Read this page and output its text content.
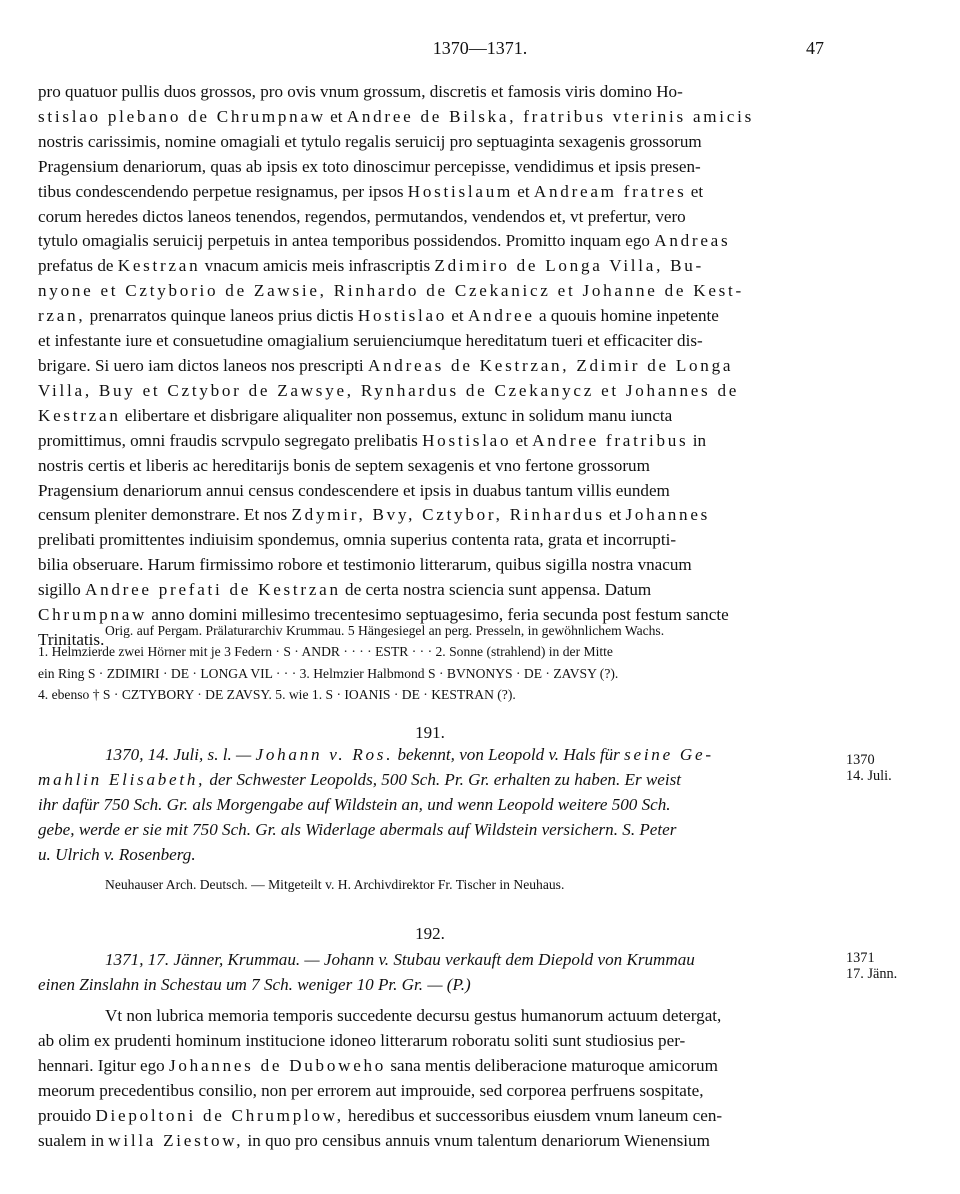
1370—1371.	47

pro quatuor pullis duos grossos, pro ovis vnum grossum, discretis et famosis viris domino Ho-

stislao plebano de Chrumpnaw et Andree de Bilska, fratribus vterinis amicis

nostris carissimis, nomine omagiali et tytulo regalis seruicij pro septuaginta sexagenis grossorum

Pragensium denariorum, quas ab ipsis ex toto dinoscimur percepisse, vendidimus et ipsis presen-

tibus condescendendo perpetue resignamus, per ipsos Hostislaum et Andream fratres et

corum heredes dictos laneos tenendos, regendos, permutandos, vendendos et, vt prefertur, vero

tytulo omagialis seruicij perpetuis in antea temporibus possidendos. Promitto inquam ego Andreas

prefatus de Kestrzan vnacum amicis meis infrascriptis Zdimiro de Longa Villa, Bu-

nyone et Cztyborio de Zawsie, Rinhardo de Czekanicz et Johanne de Kest-

rzan, prenarratos quinque laneos prius dictis Hostislao et Andree a quouis homine inpetente

et infestante iure et consuetudine omagialium seruienciumque hereditatum tueri et efficaciter dis-

brigare. Si uero iam dictos laneos nos prescripti Andreas de Kestrzan, Zdimir de Longa

Villa, Buy et Cztybor de Zawsye, Rynhardus de Czekanycz et Johannes de

Kestrzan elibertare et disbrigare aliqualiter non possemus, extunc in solidum manu iuncta

promittimus, omni fraudis scrvpulo segregato prelibatis Hostislao et Andree fratribus in

nostris certis et liberis ac hereditarijs bonis de septem sexagenis et vno fertone grossorum

Pragensium denariorum annui census condescendere et ipsis in duabus tantum villis eundem

censum pleniter demonstrare. Et nos Zdymir, Bvy, Cztybor, Rinhardus et Johannes

prelibati promittentes indiuisim spondemus, omnia superius contenta rata, grata et incorrupti-

bilia obseruare. Harum firmissimo robore et testimonio litterarum, quibus sigilla nostra vnacum

sigillo Andree prefati de Kestrzan de certa nostra sciencia sunt appensa. Datum

Chrumpnaw anno domini millesimo trecentesimo septuagesimo, feria secunda post festum sancte

Trinitatis. Orig. auf Pergam. Prälaturarchiv Krummau. 5 Hängesiegel an perg. Presseln, in gewöhnlichem Wachs.

1. Helmzierde zwei Hörner mit je 3 Federn · S · ANDR · · · · ESTR · · · 2. Sonne (strahlend) in der Mitte

ein Ring S · ZDIMIRI · DE · LONGA VIL · · · 3. Helmzier Halbmond S · BVNONYS · DE · ZAVSY (?).

4. ebenso † S · CZTYBORY · DE ZAVSY. 5. wie 1. S · IOANIS · DE · KESTRAN (?).

191.

1370, 14. Juli, s. l. — Johann v. Ros. bekennt, von Leopold v. Hals für seine Ge-

mahlin Elisabeth, der Schwester Leopolds, 500 Sch. Pr. Gr. erhalten zu haben. Er weist

ihr dafür 750 Sch. Gr. als Morgengabe auf Wildstein an, und wenn Leopold weitere 500 Sch.

gebe, werde er sie mit 750 Sch. Gr. als Widerlage abermals auf Wildstein versichern. S. Peter

u. Ulrich v. Rosenberg.

Neuhauser Arch. Deutsch. — Mitgeteilt v. H. Archivdirektor Fr. Tischer in Neuhaus.
1370
14. Juli.
192.

1371, 17. Jänner, Krummau. — Johann v. Stubau verkauft dem Diepold von Krummau

einen Zinslahn in Schestau um 7 Sch. weniger 10 Pr. Gr. — (P.)

1371
17. Jänn.

Vt non lubrica memoria temporis succedente decursu gestus humanorum actuum detergat,

ab olim ex prudenti hominum institucione idoneo litterarum roboratu soliti sunt studiosius per-

hennari. Igitur ego Johannes de Duboweho sana mentis deliberacione maturoque amicorum

meorum precedentibus consilio, non per errorem aut improuide, sed corporea perfruens sospitate,

prouido Diepoltoni de Chrumplow, heredibus et successoribus eiusdem vnum laneum cen-

sualem in willa Ziestow, in quo pro censibus annuis vnum talentum denariorum Wienensium
